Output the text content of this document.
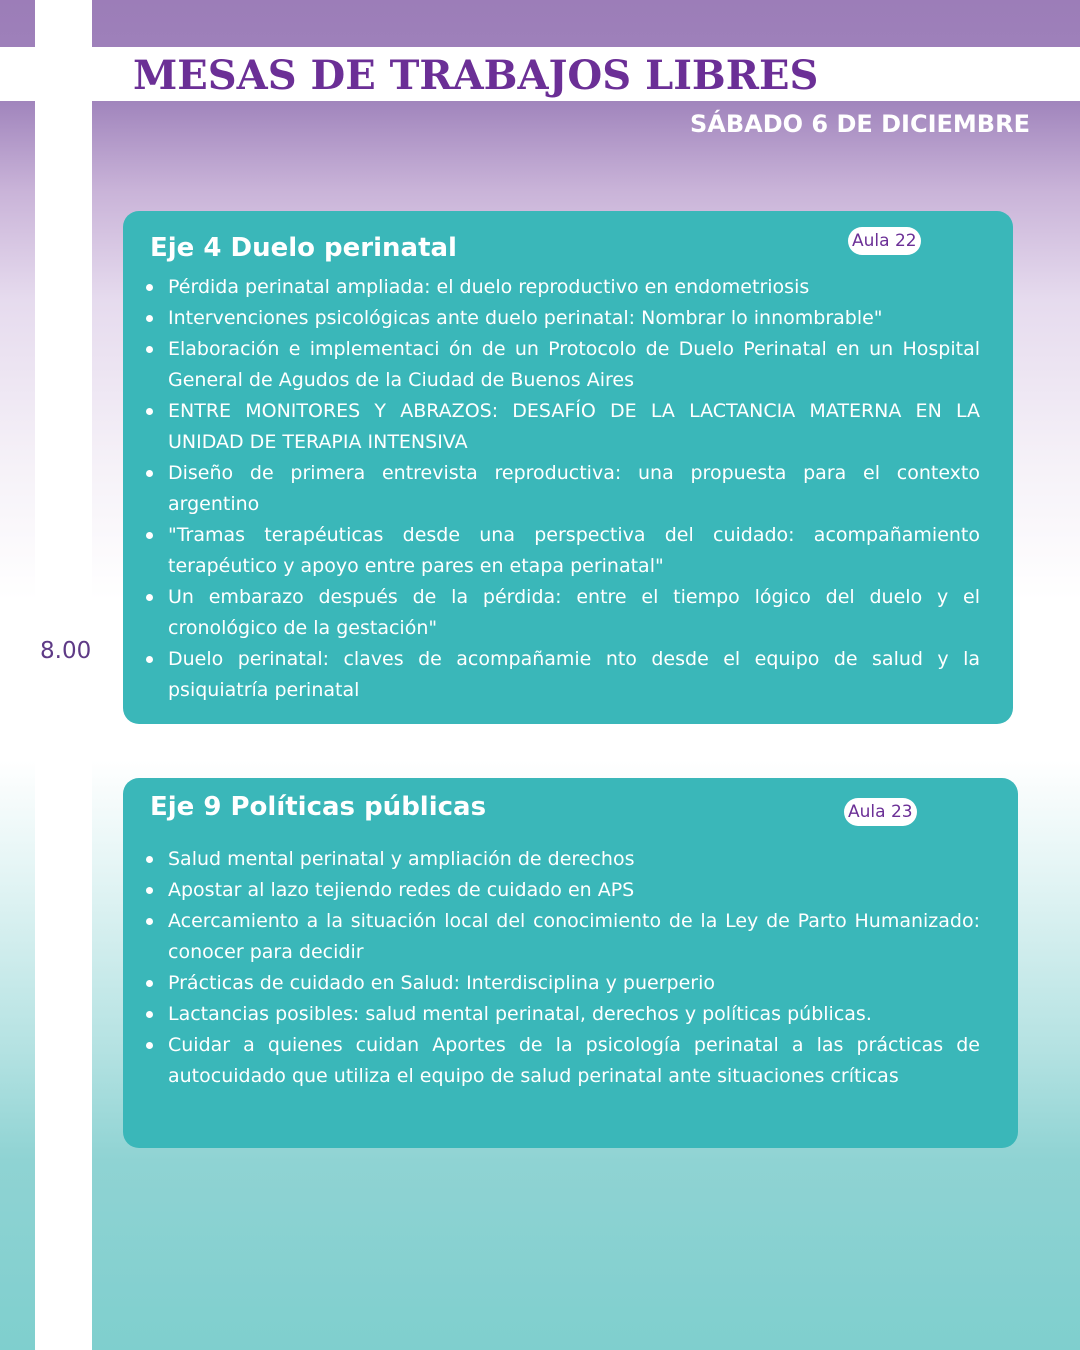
MESAS DE TRABAJOS LIBRES
SÁBADO 6 DE DICIEMBRE
8.00
Eje 4 Duelo perinatal	Aula 22
Pérdida perinatal ampliada: el duelo reproductivo en endometriosis
Intervenciones psicológicas ante duelo perinatal: Nombrar lo innombrable"
Elaboración e implementaci ón de un Protocolo de Duelo Perinatal en un Hospital General de Agudos de la Ciudad de Buenos Aires
ENTRE MONITORES Y ABRAZOS: DESAFÍO DE LA LACTANCIA MATERNA EN LA UNIDAD DE TERAPIA INTENSIVA
Diseño de primera entrevista reproductiva: una propuesta para el contexto argentino
"Tramas terapéuticas desde una perspectiva del cuidado: acompañamiento terapéutico y apoyo entre pares en etapa perinatal"
Un embarazo después de la pérdida: entre el tiempo lógico del duelo y el cronológico de la gestación"
Duelo perinatal: claves de acompañamie nto desde el equipo de salud y la psiquiatría perinatal
Eje 9 Políticas públicas	Aula 23
Salud mental perinatal y ampliación de derechos
Apostar al lazo tejiendo redes de cuidado en APS
Acercamiento a la situación local del conocimiento de la Ley de Parto Humanizado: conocer para decidir
Prácticas de cuidado en Salud: Interdisciplina y puerperio
Lactancias posibles: salud mental perinatal, derechos y políticas públicas.
Cuidar a quienes cuidan Aportes de la psicología perinatal a las prácticas de autocuidado que utiliza el equipo de salud perinatal ante situaciones críticas
